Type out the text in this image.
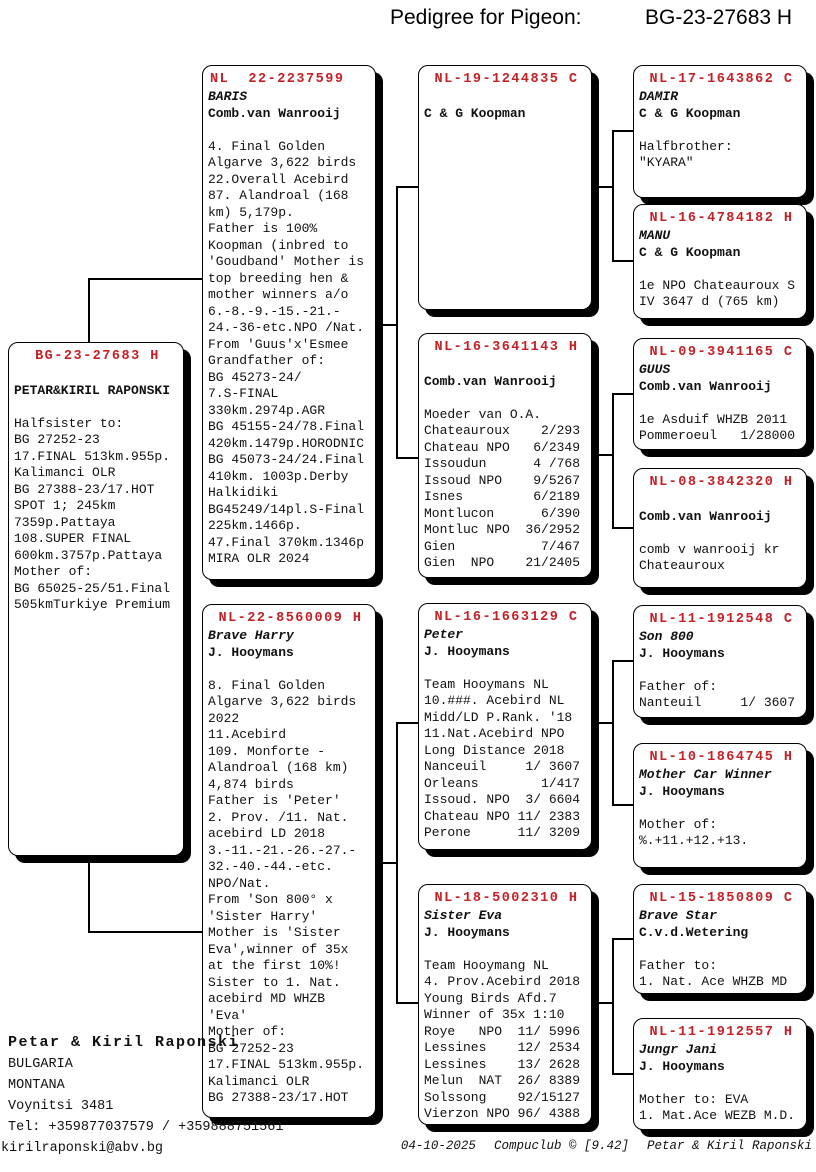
Pedigree for Pigeon:	BG-23-27683 H
BG-23-27683 H

PETAR&KIRIL RAPONSKI

Halfsister to:
BG 27252-23
17.FINAL 513km.955p.
Kalimanci OLR
BG 27388-23/17.HOT
SPOT 1; 245km
7359p.Pattaya
108.SUPER FINAL
600km.3757p.Pattaya
Mother of:
BG 65025-25/51.Final
505kmTurkiye Premium
NL  22-2237599
BARIS
Comb.van Wanrooij

4. Final Golden
Algarve 3,622 birds
22.Overall Acebird
87. Alandroal (168
km) 5,179p.
Father is 100%
Koopman (inbred to
'Goudband' Mother is
top breeding hen &
mother winners a/o
6.-8.-9.-15.-21.-
24.-36-etc.NPO /Nat.
From 'Guus'x'Esmee
Grandfather of:
BG 45273-24/
7.S-FINAL
330km.2974p.AGR
BG 45155-24/78.Final
420km.1479p.HORODNIC
BG 45073-24/24.Final
410km. 1003p.Derby
Halkidiki
BG45249/14pl.S-Final
225km.1466p.
47.Final 370km.1346p
MIRA OLR 2024
NL-22-8560009 H
Brave Harry
J. Hooymans

8. Final Golden
Algarve 3,622 birds
2022
11.Acebird
109. Monforte -
Alandroal (168 km)
4,874 birds
Father is 'Peter'
2. Prov. /11. Nat.
acebird LD 2018
3.-11.-21.-26.-27.-
32.-40.-44.-etc.
NPO/Nat.
From 'Son 800° x
'Sister Harry'
Mother is 'Sister
Eva',winner of 35x
at the first 10%!
Sister to 1. Nat.
acebird MD WHZB
'Eva'
Mother of:
BG 27252-23
17.FINAL 513km.955p.
Kalimanci OLR
BG 27388-23/17.HOT
NL-19-1244835 C

C & G Koopman
NL-16-3641143 H

Comb.van Wanrooij

Moeder van O.A.
Chateauroux    2/293
Chateau NPO   6/2349
Issoudun      4 /768
Issoud NPO    9/5267
Isnes         6/2189
Montlucon      6/390
Montluc NPO  36/2952
Gien           7/467
Gien  NPO    21/2405
NL-16-1663129 C
Peter
J. Hooymans

Team Hooymans NL
10.###. Acebird NL
Midd/LD P.Rank. '18
11.Nat.Acebird NPO
Long Distance 2018
Nanceuil     1/ 3607
Orleans        1/417
Issoud. NPO  3/ 6604
Chateau NPO 11/ 2383
Perone      11/ 3209
NL-18-5002310 H
Sister Eva
J. Hooymans

Team Hooymang NL
4. Prov.Acebird 2018
Young Birds Afd.7
Winner of 35x 1:10
Roye   NPO  11/ 5996
Lessines    12/ 2534
Lessines    13/ 2628
Melun  NAT  26/ 8389
Solssong    92/15127
Vierzon NPO 96/ 4388
NL-17-1643862 C
DAMIR
C & G Koopman

Halfbrother:
"KYARA"
NL-16-4784182 H
MANU
C & G Koopman

1e NPO Chateauroux S
IV 3647 d (765 km)
NL-09-3941165 C
GUUS
Comb.van Wanrooij

1e Asduif WHZB 2011
Pommeroeul   1/28000
NL-08-3842320 H

Comb.van Wanrooij

comb v wanrooij kr
Chateauroux
NL-11-1912548 C
Son 800
J. Hooymans

Father of:
Nanteuil     1/ 3607
NL-10-1864745 H
Mother Car Winner
J. Hooymans

Mother of:
%.+11.+12.+13.
NL-15-1850809 C
Brave Star
C.v.d.Wetering

Father to:
1. Nat. Ace WHZB MD
NL-11-1912557 H
Jungr Jani
J. Hooymans

Mother to: EVA
1. Mat.Ace WEZB M.D.
Petar & Kiril Raponski
BULGARIA
MONTANA
Voynitsi 3481
Tel: +359877037579 / +359888751561
kirilraponski@abv.bg	04-10-2025 Compuclub © [9.42] Petar & Kiril Raponski
